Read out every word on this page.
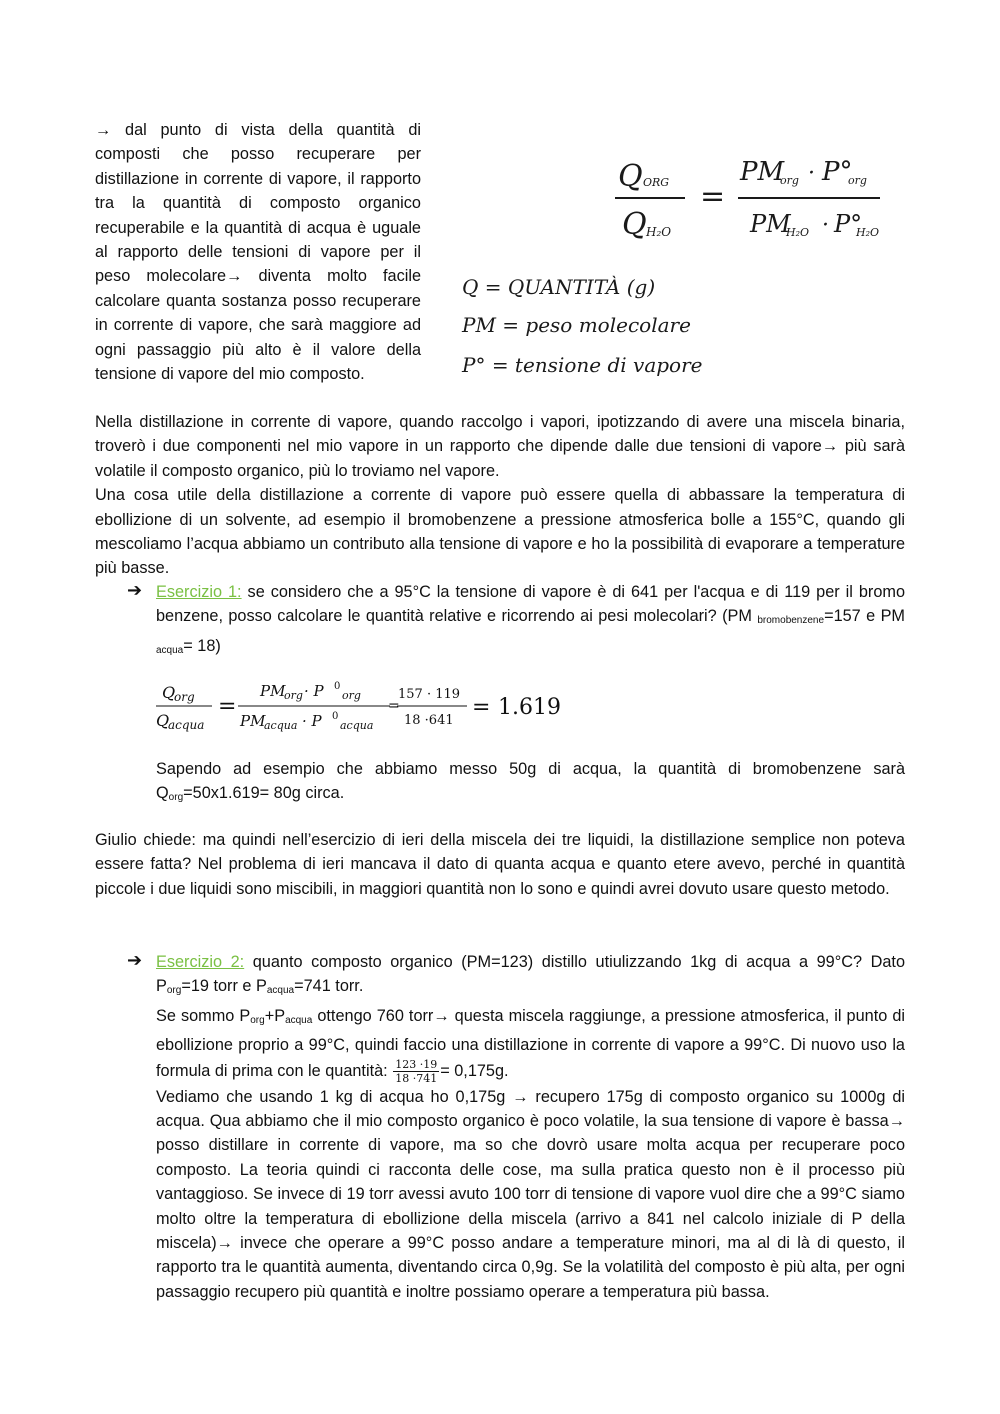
→ dal punto di vista della quantità di composti che posso recuperare per distillazione in corrente di vapore, il rapporto tra la quantità di composto organico recuperabile e la quantità di acqua è uguale al rapporto delle tensioni di vapore per il peso molecolare→ diventa molto facile calcolare quanta sostanza posso recuperare in corrente di vapore, che sarà maggiore ad ogni passaggio più alto è il valore della tensione di vapore del mio composto.

Q ORG
Q H₂O
=
PM
org · P°
org
PM
H₂O · P°
H₂O
Q = QUANTITÀ (g)
PM = peso molecolare
P° = tensione di vapore

Nella distillazione in corrente di vapore, quando raccolgo i vapori, ipotizzando di avere una miscela binaria, troverò i due componenti nel mio vapore in un rapporto che dipende dalle due tensioni di vapore→ più sarà volatile il composto organico, più lo troviamo nel vapore.

Una cosa utile della distillazione a corrente di vapore può essere quella di abbassare la temperatura di ebollizione di un solvente, ad esempio il bromobenzene a pressione atmosferica bolle a 155°C, quando gli mescoliamo l’acqua abbiamo un contributo alla tensione di vapore e ho la possibilità di evaporare a temperature più basse.

➔ Esercizio 1: se considero che a 95°C la tensione di vapore è di 641 per l'acqua e di 119 per il bromo benzene, posso calcolare le quantità relative e ricorrendo ai pesi molecolari? (PM $_{bromobenzene}$=157 e PM $_{acqua}$= 18)

Q
org
Q
acqua
=
PM
org · P 0
org
PM
acqua · P 0
acqua
=
157 · 119
18 ·641
= 1.619

Sapendo ad esempio che abbiamo messo 50g di acqua, la quantità di bromobenzene sarà $Q_{org}=50x1.619= 80g$ circa.

Giulio chiede: ma quindi nell’esercizio di ieri della miscela dei tre liquidi, la distillazione semplice non poteva essere fatta? Nel problema di ieri mancava il dato di quanta acqua e quanto etere avevo, perché in quantità piccole i due liquidi sono miscibili, in maggiori quantità non lo sono e quindi avrei dovuto usare questo metodo.

➔ Esercizio 2: quanto composto organico (PM=123) distillo utiulizzando 1kg di acqua a 99°C? Dato $P_{org}=19$ torr e $P_{acqua}=741$ torr.

Se sommo $P_{org}+P_{acqua}$ ottengo 760 torr→ questa miscela raggiunge, a pressione atmosferica, il punto di ebollizione proprio a 99°C, quindi faccio una distillazione in corrente di vapore a 99°C. Di nuovo uso la formula di prima con le quantità: $\frac{123 \cdot 19}{18 \cdot 741} = 0,175g$.

Vediamo che usando 1 kg di acqua ho 0,175g → recupero 175g di composto organico su 1000g di acqua. Qua abbiamo che il mio composto organico è poco volatile, la sua tensione di vapore è bassa→ posso distillare in corrente di vapore, ma so che dovrò usare molta acqua per recuperare poco composto. La teoria quindi ci racconta delle cose, ma sulla pratica questo non è il processo più vantaggioso. Se invece di 19 torr avessi avuto 100 torr di tensione di vapore vuol dire che a 99°C siamo molto oltre la temperatura di ebollizione della miscela (arrivo a 841 nel calcolo iniziale di P della miscela)→ invece che operare a 99°C posso andare a temperature minori, ma al di là di questo, il rapporto tra le quantità aumenta, diventando circa 0,9g. Se la volatilità del composto è più alta, per ogni passaggio recupero più quantità e inoltre possiamo operare a temperatura più bassa.
